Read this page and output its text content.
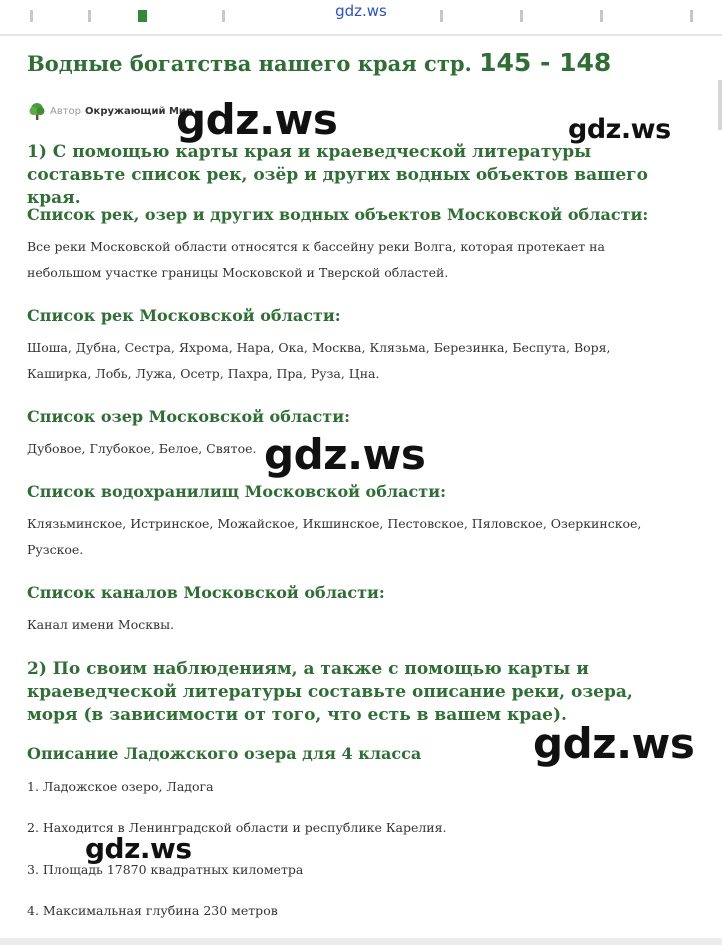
gdz.ws
Водные богатства нашего края стр. 145 - 148
Автор Окружающий Мир

1) С помощью карты края и краеведческой литературы составьте список рек, озёр и других водных объектов вашего края.

Список рек, озер и других водных объектов Московской области:

Все реки Московской области относятся к бассейну реки Волга, которая протекает на небольшом участке границы Московской и Тверской областей.

Список рек Московской области:

Шоша, Дубна, Сестра, Яхрома, Нара, Ока, Москва, Клязьма, Березинка, Беспута, Воря, Каширка, Лобь, Лужа, Осетр, Пахра, Пра, Руза, Цна.

Список озер Московской области:

Дубовое, Глубокое, Белое, Святое.

Список водохранилищ Московской области:

Клязьминское, Истринское, Можайское, Икшинское, Пестовское, Пяловское, Озеркинское, Рузское.

Список каналов Московской области:

Канал имени Москвы.

2) По своим наблюдениям, а также с помощью карты и краеведческой литературы составьте описание реки, озера, моря (в зависимости от того, что есть в вашем крае).

Описание Ладожского озера для 4 класса

1. Ладожское озеро, Ладога

2. Находится в Ленинградской области и республике Карелия.

3. Площадь 17870 квадратных километра

4. Максимальная глубина 230 метров

gdz.ws	gdz.ws
gdz.ws
gdz.ws
gdz.ws
